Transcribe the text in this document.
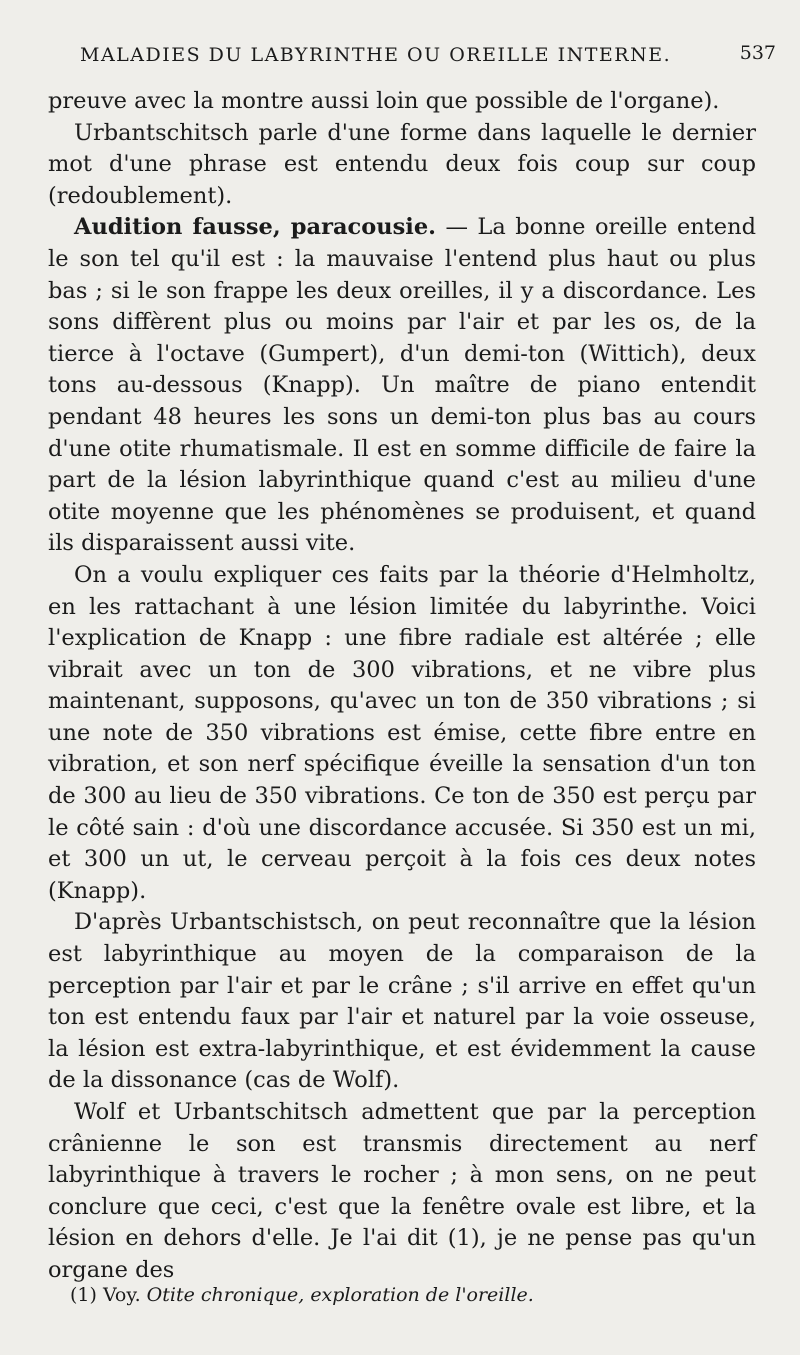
MALADIES DU LABYRINTHE OU OREILLE INTERNE.	537

preuve avec la montre aussi loin que possible de l'organe).

Urbantschitsch parle d'une forme dans laquelle le dernier mot d'une phrase est entendu deux fois coup sur coup (redoublement).

Audition fausse, paracousie. — La bonne oreille entend le son tel qu'il est : la mauvaise l'entend plus haut ou plus bas ; si le son frappe les deux oreilles, il y a discordance. Les sons diffèrent plus ou moins par l'air et par les os, de la tierce à l'octave (Gumpert), d'un demi-ton (Wittich), deux tons au-dessous (Knapp). Un maître de piano entendit pendant 48 heures les sons un demi-ton plus bas au cours d'une otite rhumatismale. Il est en somme difficile de faire la part de la lésion labyrinthique quand c'est au milieu d'une otite moyenne que les phénomènes se produisent, et quand ils disparaissent aussi vite.

On a voulu expliquer ces faits par la théorie d'Helmholtz, en les rattachant à une lésion limitée du labyrinthe. Voici l'explication de Knapp : une fibre radiale est altérée ; elle vibrait avec un ton de 300 vibrations, et ne vibre plus maintenant, supposons, qu'avec un ton de 350 vibrations ; si une note de 350 vibrations est émise, cette fibre entre en vibration, et son nerf spécifique éveille la sensation d'un ton de 300 au lieu de 350 vibrations. Ce ton de 350 est perçu par le côté sain : d'où une discordance accusée. Si 350 est un mi, et 300 un ut, le cerveau perçoit à la fois ces deux notes (Knapp).

D'après Urbantschistsch, on peut reconnaître que la lésion est labyrinthique au moyen de la comparaison de la perception par l'air et par le crâne ; s'il arrive en effet qu'un ton est entendu faux par l'air et naturel par la voie osseuse, la lésion est extra-labyrinthique, et est évidemment la cause de la dissonance (cas de Wolf).

Wolf et Urbantschitsch admettent que par la perception crânienne le son est transmis directement au nerf labyrinthique à travers le rocher ; à mon sens, on ne peut conclure que ceci, c'est que la fenêtre ovale est libre, et la lésion en dehors d'elle. Je l'ai dit (1), je ne pense pas qu'un organe des

(1) Voy. Otite chronique, exploration de l'oreille.
